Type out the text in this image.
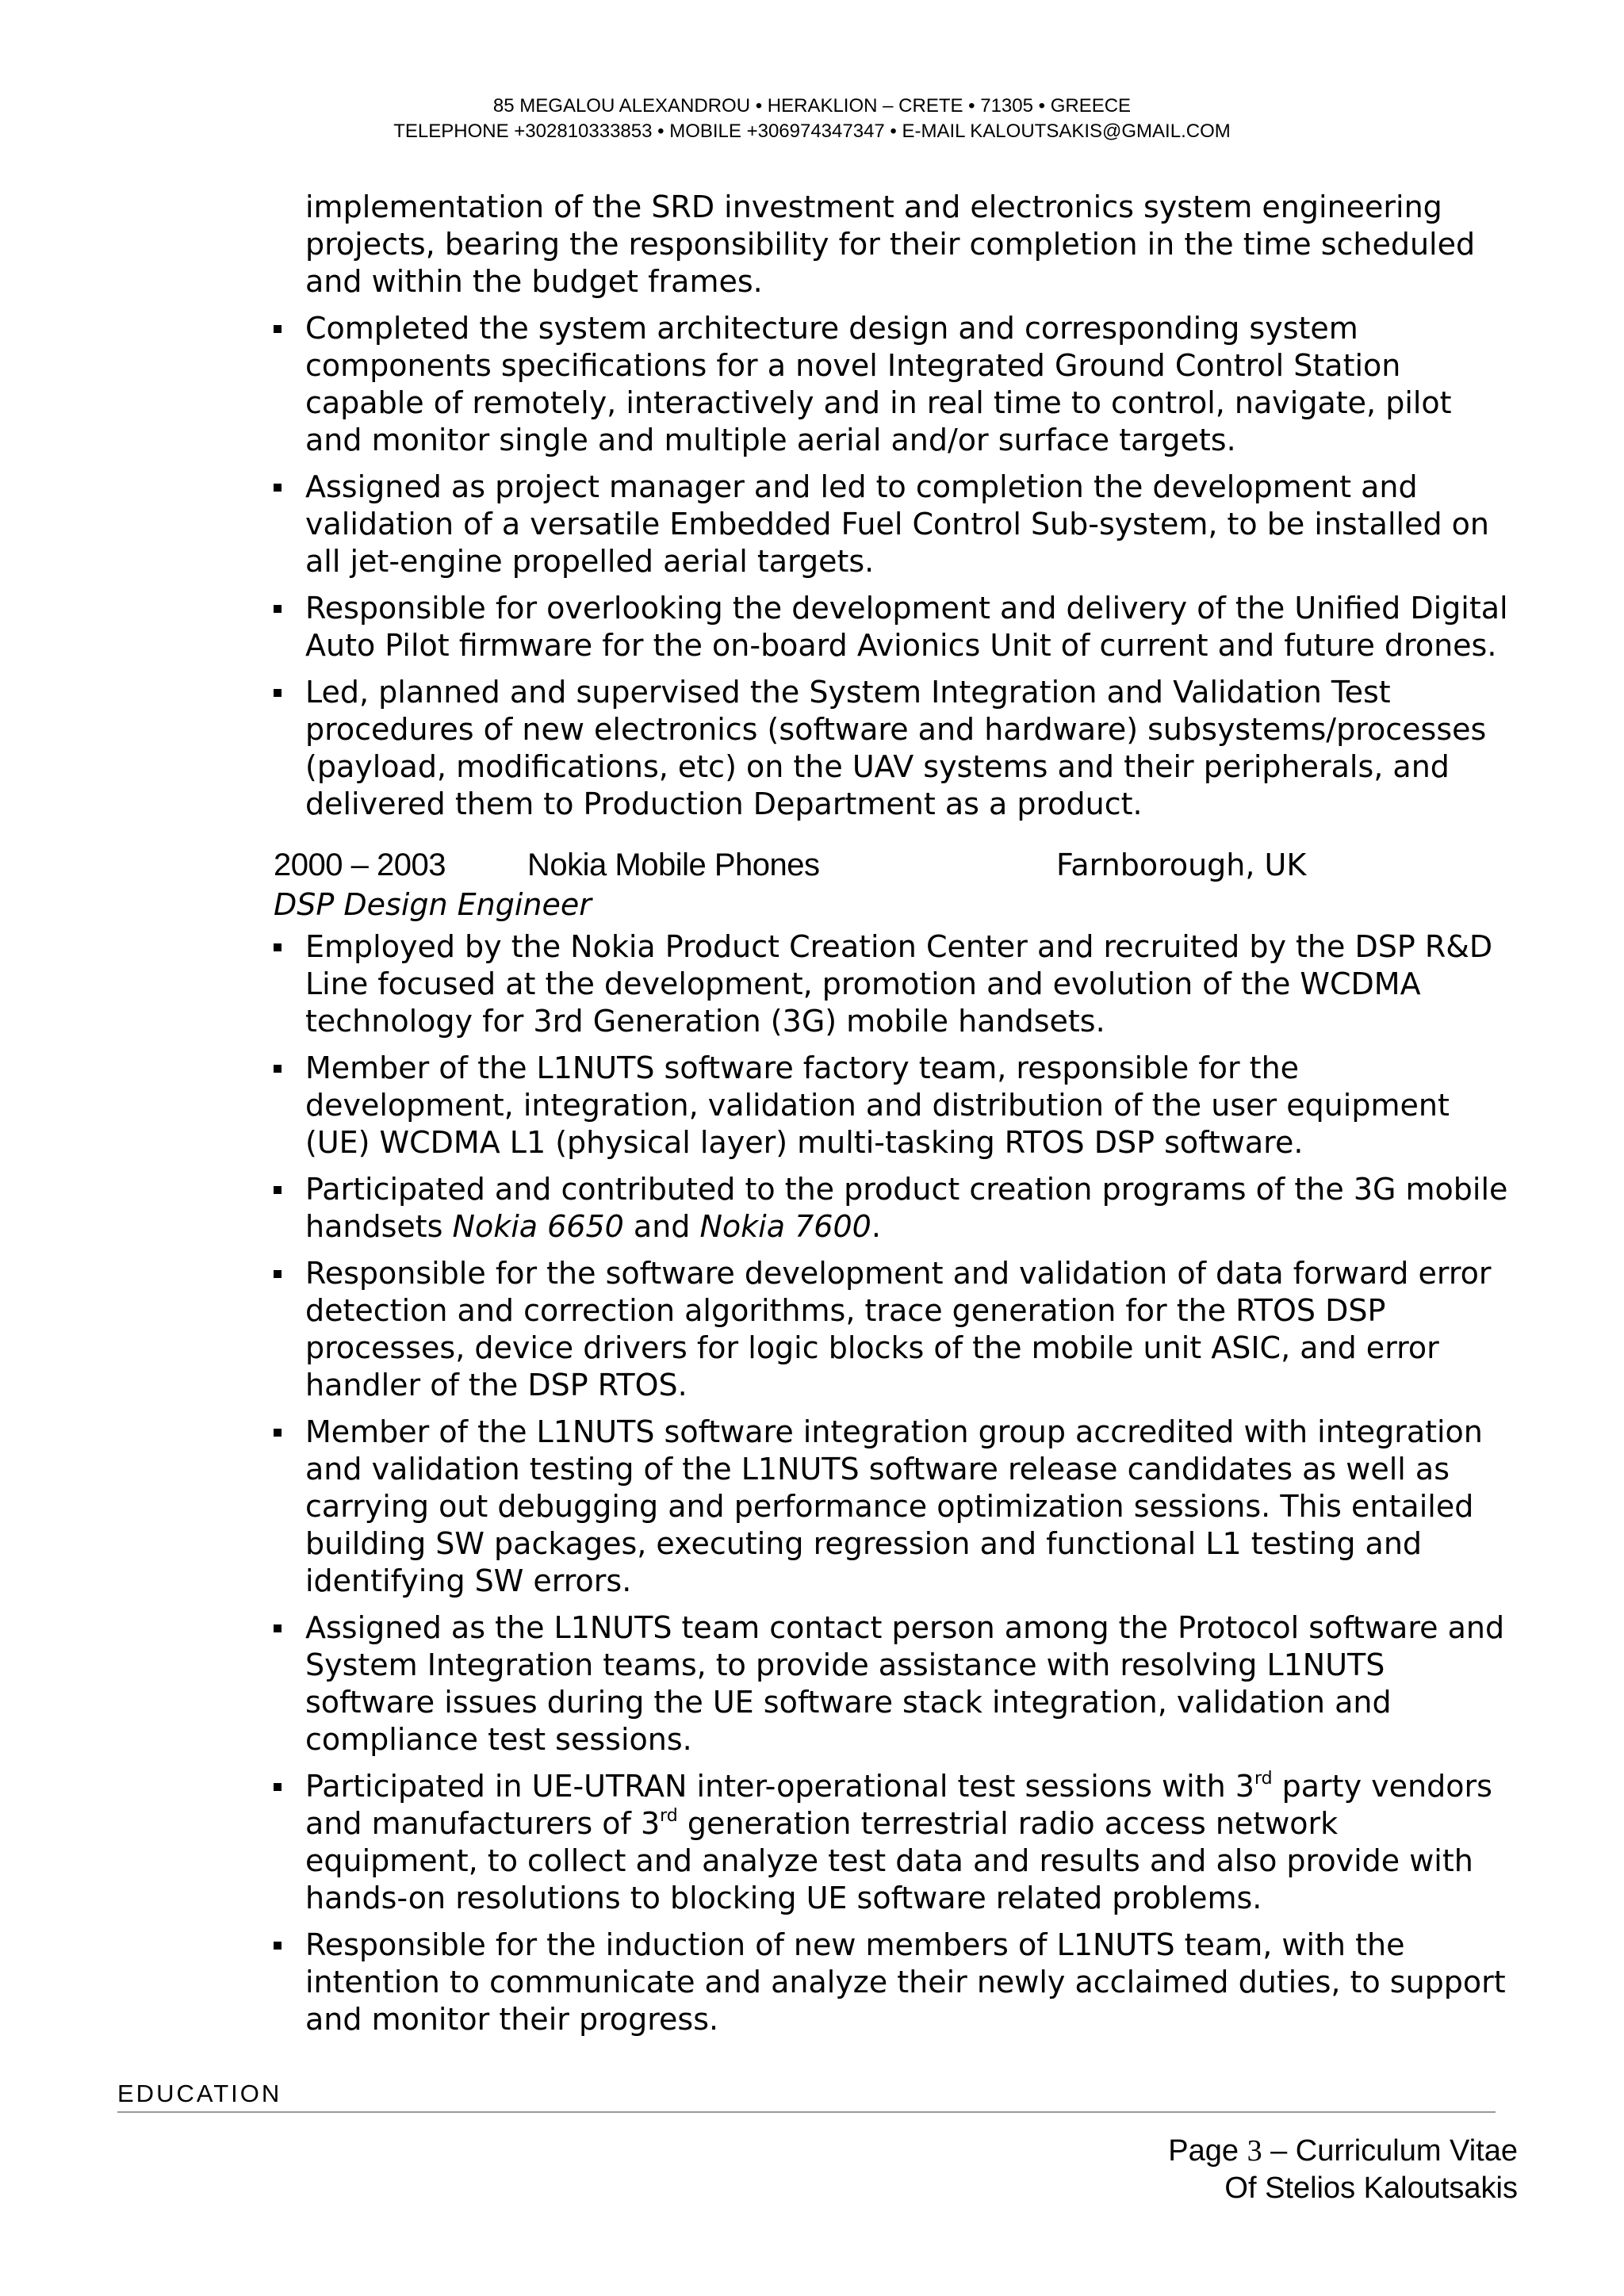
85 MEGALOU ALEXANDROU • HERAKLION – CRETE • 71305 • GREECE
TELEPHONE +302810333853 • MOBILE +306974347347 • E-MAIL KALOUTSAKIS@GMAIL.COM
implementation of the SRD investment and electronics system engineering projects, bearing the responsibility for their completion in the time scheduled and within the budget frames.
Completed the system architecture design and corresponding system components specifications for a novel Integrated Ground Control Station capable of remotely, interactively and in real time to control, navigate, pilot and monitor single and multiple aerial and/or surface targets.
Assigned as project manager and led to completion the development and validation of a versatile Embedded Fuel Control Sub-system, to be installed on all jet-engine propelled aerial targets.
Responsible for overlooking the development and delivery of the Unified Digital Auto Pilot firmware for the on-board Avionics Unit of current and future drones.
Led, planned and supervised the System Integration and Validation Test procedures of new electronics (software and hardware) subsystems/processes (payload, modifications, etc) on the UAV systems and their peripherals, and delivered them to Production Department as a product.
2000 – 2003	Nokia Mobile Phones	Farnborough, UK
DSP Design Engineer
Employed by the Nokia Product Creation Center and recruited by the DSP R&D Line focused at the development, promotion and evolution of the WCDMA technology for 3rd Generation (3G) mobile handsets.
Member of the L1NUTS software factory team, responsible for the development, integration, validation and distribution of the user equipment (UE) WCDMA L1 (physical layer) multi-tasking RTOS DSP software.
Participated and contributed to the product creation programs of the 3G mobile handsets Nokia 6650 and Nokia 7600.
Responsible for the software development and validation of data forward error detection and correction algorithms, trace generation for the RTOS DSP processes, device drivers for logic blocks of the mobile unit ASIC, and error handler of the DSP RTOS.
Member of the L1NUTS software integration group accredited with integration and validation testing of the L1NUTS software release candidates as well as carrying out debugging and performance optimization sessions. This entailed building SW packages, executing regression and functional L1 testing and identifying SW errors.
Assigned as the L1NUTS team contact person among the Protocol software and System Integration teams, to provide assistance with resolving L1NUTS software issues during the UE software stack integration, validation and compliance test sessions.
Participated in UE-UTRAN inter-operational test sessions with 3rd party vendors and manufacturers of 3rd generation terrestrial radio access network equipment, to collect and analyze test data and results and also provide with hands-on resolutions to blocking UE software related problems.
Responsible for the induction of new members of L1NUTS team, with the intention to communicate and analyze their newly acclaimed duties, to support and monitor their progress.
EDUCATION
Page 3 – Curriculum Vitae
Of Stelios Kaloutsakis
